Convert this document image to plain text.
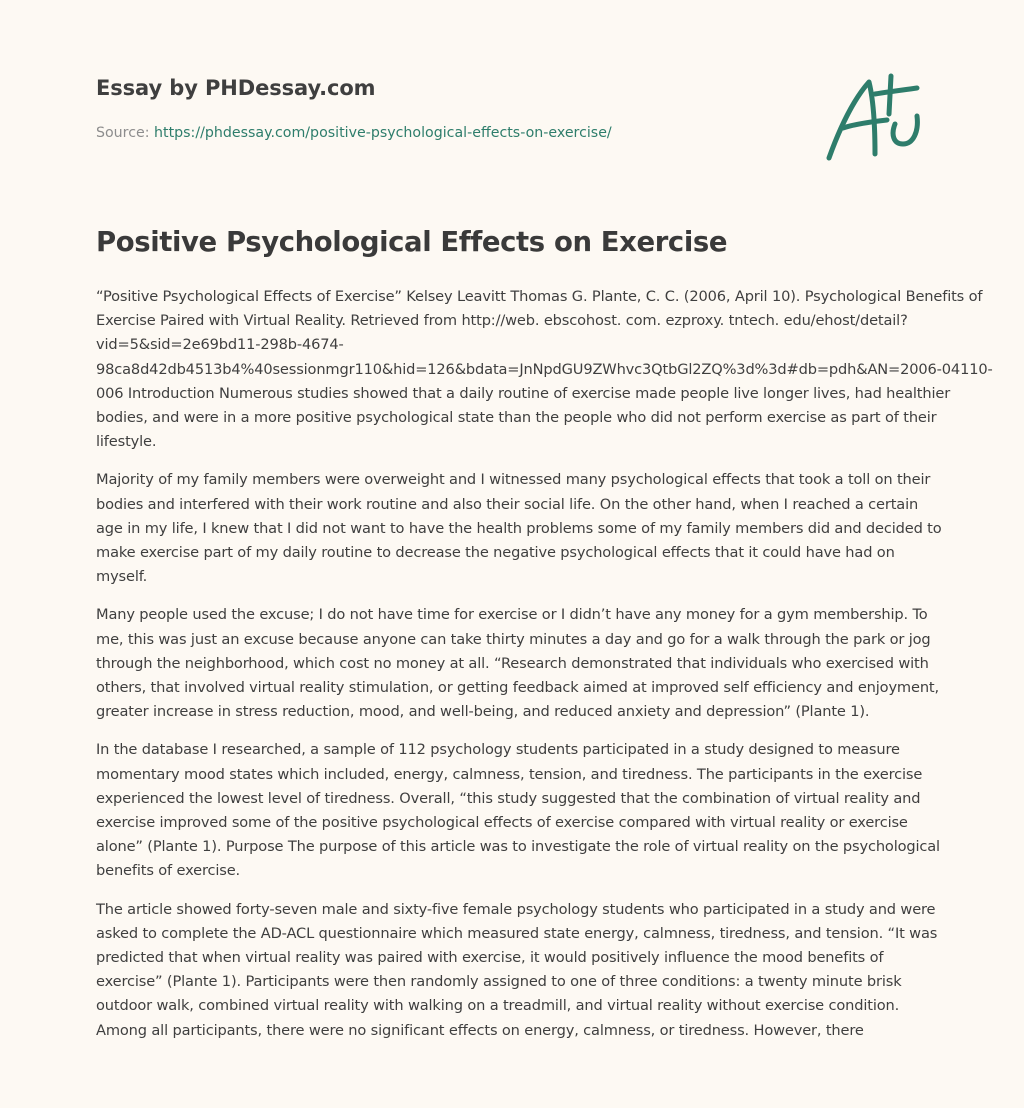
Essay by PHDessay.com
Source: https://phdessay.com/positive-psychological-effects-on-exercise/
Positive Psychological Effects on Exercise

“Positive Psychological Effects of Exercise” Kelsey Leavitt Thomas G. Plante, C. C. (2006, April 10). Psychological Benefits of Exercise Paired with Virtual Reality. Retrieved from http://web. ebscohost. com. ezproxy. tntech. edu/ehost/detail? vid=5&sid=2e69bd11-298b-4674-98ca8d42db4513b4%40sessionmgr110&hid=126&bdata=JnNpdGU9ZWhvc3QtbGl2ZQ%3d%3d#db=pdh&AN=2006-04110-006 Introduction Numerous studies showed that a daily routine of exercise made people live longer lives, had healthier bodies, and were in a more positive psychological state than the people who did not perform exercise as part of their lifestyle.

Majority of my family members were overweight and I witnessed many psychological effects that took a toll on their bodies and interfered with their work routine and also their social life. On the other hand, when I reached a certain age in my life, I knew that I did not want to have the health problems some of my family members did and decided to make exercise part of my daily routine to decrease the negative psychological effects that it could have had on myself.

Many people used the excuse; I do not have time for exercise or I didn’t have any money for a gym membership. To me, this was just an excuse because anyone can take thirty minutes a day and go for a walk through the park or jog through the neighborhood, which cost no money at all. “Research demonstrated that individuals who exercised with others, that involved virtual reality stimulation, or getting feedback aimed at improved self efficiency and enjoyment, greater increase in stress reduction, mood, and well-being, and reduced anxiety and depression” (Plante 1).

In the database I researched, a sample of 112 psychology students participated in a study designed to measure momentary mood states which included, energy, calmness, tension, and tiredness. The participants in the exercise experienced the lowest level of tiredness. Overall, “this study suggested that the combination of virtual reality and exercise improved some of the positive psychological effects of exercise compared with virtual reality or exercise alone” (Plante 1). Purpose The purpose of this article was to investigate the role of virtual reality on the psychological benefits of exercise.

The article showed forty-seven male and sixty-five female psychology students who participated in a study and were asked to complete the AD-ACL questionnaire which measured state energy, calmness, tiredness, and tension. “It was predicted that when virtual reality was paired with exercise, it would positively influence the mood benefits of exercise” (Plante 1). Participants were then randomly assigned to one of three conditions: a twenty minute brisk outdoor walk, combined virtual reality with walking on a treadmill, and virtual reality without exercise condition. Among all participants, there were no significant effects on energy, calmness, or tiredness. However, there
